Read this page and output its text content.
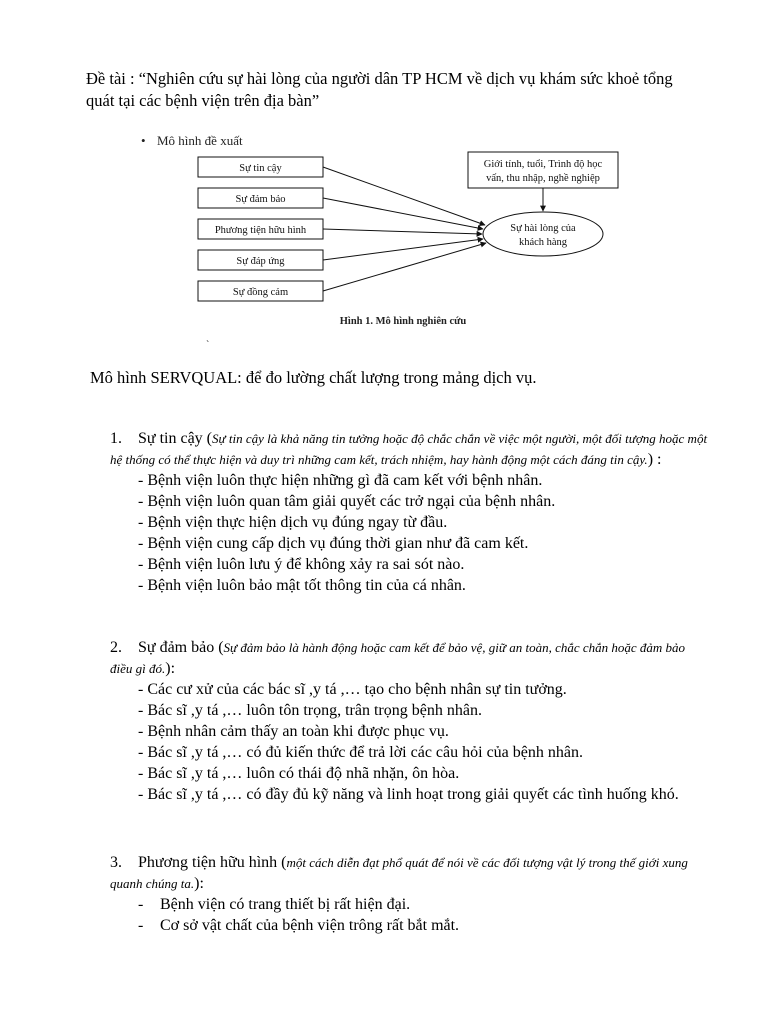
Đề tài : “Nghiên cứu sự hài lòng của người dân TP HCM về dịch vụ khám sức khoẻ tổng quát tại các bệnh viện trên địa bàn”
• Mô hình đề xuất
Sự tin cậy
Sự đảm bảo
Phương tiện hữu hình
Sự đáp ứng
Sự đồng cảm
Giới tính, tuổi, Trình độ học
vấn, thu nhập, nghề nghiệp
Sự hài lòng của
khách hàng
Hình 1. Mô hình nghiên cứu
`
Mô hình SERVQUAL: để đo lường chất lượng trong mảng dịch vụ.
1. Sự tin cậy (Sự tin cậy là khả năng tin tưởng hoặc độ chắc chắn về việc một người, một đối tượng hoặc một hệ thống có thể thực hiện và duy trì những cam kết, trách nhiệm, hay hành động một cách đáng tin cậy.) :
- Bệnh viện luôn thực hiện những gì đã cam kết với bệnh nhân.
- Bệnh viện luôn quan tâm giải quyết các trở ngại của bệnh nhân.
- Bệnh viện thực hiện dịch vụ đúng ngay từ đầu.
- Bệnh viện cung cấp dịch vụ đúng thời gian như đã cam kết.
- Bệnh viện luôn lưu ý để không xảy ra sai sót nào.
- Bệnh viện luôn bảo mật tốt thông tin của cá nhân.
2. Sự đảm bảo (Sự đảm bảo là hành động hoặc cam kết để bảo vệ, giữ an toàn, chắc chắn hoặc đảm bảo điều gì đó.):
- Các cư xử của các bác sĩ ,y tá ,… tạo cho bệnh nhân sự tin tưởng.
- Bác sĩ ,y tá ,… luôn tôn trọng, trân trọng bệnh nhân.
- Bệnh nhân cảm thấy an toàn khi được phục vụ.
- Bác sĩ ,y tá ,… có đủ kiến thức để trả lời các câu hỏi của bệnh nhân.
- Bác sĩ ,y tá ,… luôn có thái độ nhã nhặn, ôn hòa.
- Bác sĩ ,y tá ,… có đầy đủ kỹ năng và linh hoạt trong giải quyết các tình huống khó.
3. Phương tiện hữu hình (một cách diễn đạt phổ quát để nói về các đối tượng vật lý trong thế giới xung quanh chúng ta.):
-	Bệnh viện có trang thiết bị rất hiện đại.
-	Cơ sở vật chất của bệnh viện trông rất bắt mắt.
